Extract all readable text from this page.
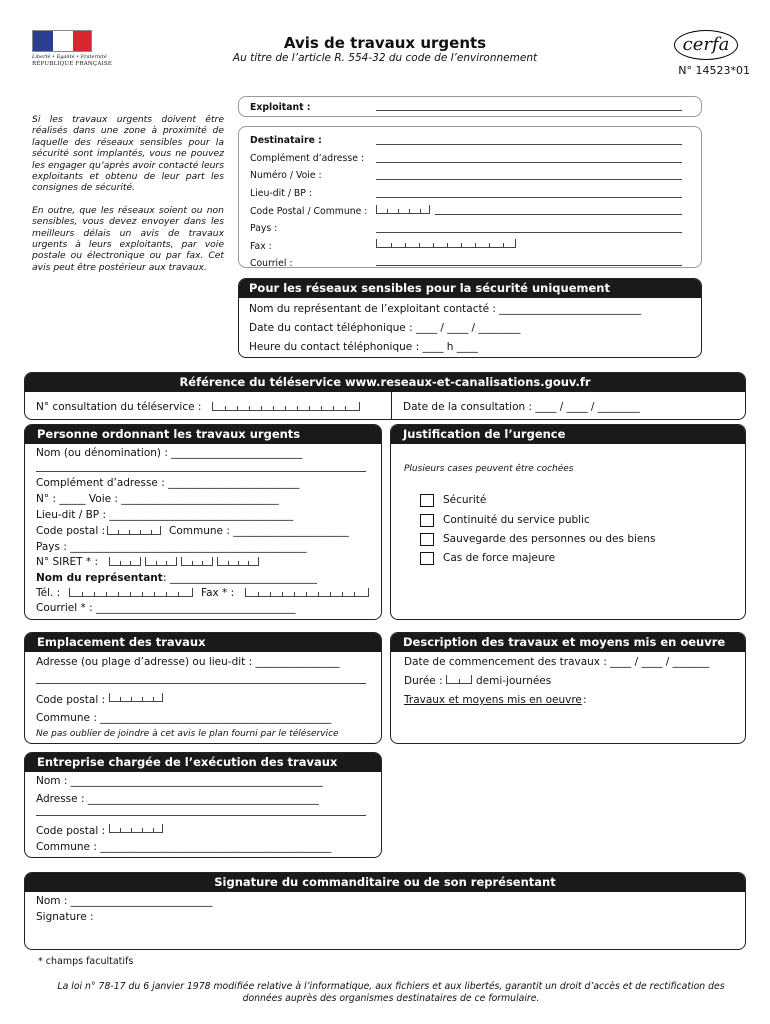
Liberté • Égalité • Fraternité
RÉPUBLIQUE FRANÇAISE
Avis de travaux urgents
Au titre de l’article R. 554-32 du code de l’environnement
cerfa
N° 14523*01

Si les travaux urgents doivent être réalisés dans une zone à proximité de laquelle des réseaux sensibles pour la sécurité sont implantés, vous ne pouvez les engager qu’après avoir contacté leurs exploitants et obtenu de leur part les consignes de sécurité.

En outre, que les réseaux soient ou non sensibles, vous devez envoyer dans les meilleurs délais un avis de travaux urgents à leurs exploitants, par voie postale ou électronique ou par fax. Cet avis peut être postérieur aux travaux.

Exploitant :
Destinataire :
Complément d’adresse :
Numéro / Voie :
Lieu-dit / BP :
Code Postal / Commune :
Pays :
Fax :
Courriel :
Pour les réseaux sensibles pour la sécurité uniquement
Nom du représentant de l’exploitant contacté : ___________________________
Date du contact téléphonique : ____ / ____ / ________
Heure du contact téléphonique : ____ h ____
Référence du téléservice www.reseaux-et-canalisations.gouv.fr
N° consultation du téléservice :	Date de la consultation : ____ / ____ / ________
Personne ordonnant les travaux urgents
Nom (ou dénomination) : _________________________
Complément d’adresse : _________________________
N° : _____ Voie : ______________________________
Lieu-dit / BP : ___________________________________
Code postal :	Commune : ______________________
Pays : _____________________________________________
N° SIRET * :
Nom du représentant : ____________________________
Tél. :	Fax * :
Courriel * : ______________________________________
Justification de l’urgence
Plusieurs cases peuvent être cochées
Sécurité
Continuité du service public
Sauvegarde des personnes ou des biens
Cas de force majeure
Emplacement des travaux
Adresse (ou plage d’adresse) ou lieu-dit : ________________
Code postal :
Commune : ____________________________________________
Ne pas oublier de joindre à cet avis le plan fourni par le téléservice
Description des travaux et moyens mis en oeuvre
Date de commencement des travaux : ____ / ____ / _______
Durée :	demi-journées
Travaux et moyens mis en oeuvre :
Entreprise chargée de l’exécution des travaux
Nom : ________________________________________________
Adresse : ____________________________________________
Code postal :
Commune : ____________________________________________
Signature du commanditaire ou de son représentant
Nom : ___________________________
Signature :
* champs facultatifs
La loi n° 78-17 du 6 janvier 1978 modifiée relative à l’informatique, aux fichiers et aux libertés, garantit un droit d’accès et de rectification des données auprès des organismes destinataires de ce formulaire.
